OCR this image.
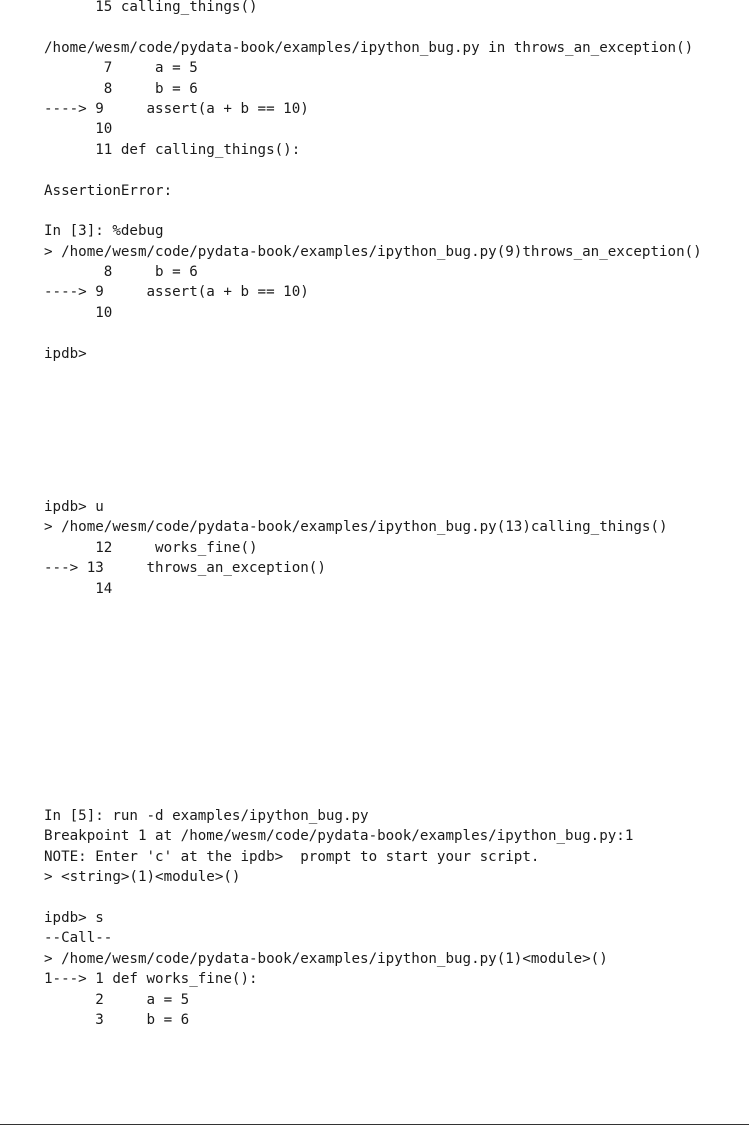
15 calling_things()
/home/wesm/code/pydata-book/examples/ipython_bug.py in throws_an_exception()
7     a = 5
8     b = 6
----> 9     assert(a + b == 10)
10
11 def calling_things():
AssertionError:
In [3]: %debug
> /home/wesm/code/pydata-book/examples/ipython_bug.py(9)throws_an_exception()
8     b = 6
----> 9     assert(a + b == 10)
10
ipdb>
ipdb> u
> /home/wesm/code/pydata-book/examples/ipython_bug.py(13)calling_things()
12     works_fine()
---> 13     throws_an_exception()
14
In [5]: run -d examples/ipython_bug.py
Breakpoint 1 at /home/wesm/code/pydata-book/examples/ipython_bug.py:1
NOTE: Enter 'c' at the ipdb>  prompt to start your script.
> <string>(1)<module>()
ipdb> s
--Call--
> /home/wesm/code/pydata-book/examples/ipython_bug.py(1)<module>()
1---> 1 def works_fine():
2     a = 5
3     b = 6
